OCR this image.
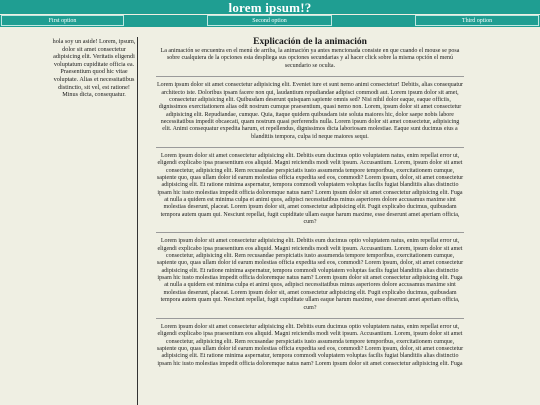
lorem ipsum!?
First option	Second option	Third option
hola soy un aside! Lorem, ipsum, dolor sit amet consectetur adipisicing elit. Veritatis eligendi voluptatum cupiditate officia ea. Praesentium quod hic vitae voluptate. Alias et necessitatibus distinctio, sit vel, est ratione! Minus dicta, consequatur.
Explicación de la animación
La animación se encuentra en el menú de arriba, la animación ya antes mencionada consiste en que cuando el mouse se posa sobre cualquiera de la opciones esta despliega sus opciones secundarias y al hacer click sobre la misma opción el menú secundario se oculta.

Lorem ipsum dolor sit amet consectetur adipisicing elit. Eveniet iure et sunt nemo animi consectetur! Debitis, alias consequatur architecto iste. Doloribus ipsam facere non qui, laudantium repudiandae adipisci commodi aut. Lorem ipsum dolor sit amet, consectetur adipisicing elit. Quibusdam deserunt quisquam sapiente omnis sed? Nisi nihil dolor eaque, eaque officiis, dignissimos exercitationem alias odit nostrum cumque praesentium, quasi nemo non. Lorem, ipsum dolor sit amet consectetur adipisicing elit. Repudiandae, cumque. Quia, itaque quidem quibusdam iste soluta maiores hic, dolor saepe nobis labore necessitatibus impedit obcaecati, quam nostrum quasi perferendis nulla. Lorem ipsum dolor sit amet consectetur, adipisicing elit. Animi consequatur expedita harum, et repellendus, dignissimos dicta laboriosam molestiae. Eaque sunt ducimus eius a blanditiis tempora, culpa id neque maiores sequi.

Lorem ipsum dolor sit amet consectetur adipisicing elit. Debitis eum ducimus optio voluptatem natus, enim repellat error ut, eligendi explicabo ipsa praesentium eos aliquid. Magni reiciendis modi velit ipsum. Accusantium. Lorem, ipsum dolor sit amet consectetur, adipisicing elit. Rem recusandae perspiciatis iusto assumenda tempore temporibus, exercitationem cumque, sapiente quo, quas ullam dolor id earum molestias officia expedita sed eos, commodi? Lorem ipsum, dolor, sit amet consectetur adipisicing elit. Et ratione minima aspernatur, tempora commodi voluptatem voluptas facilis fugiat blanditiis alias distinctio ipsam hic iusto molestias impedit officia doloremque natus nam? Lorem ipsum dolor sit amet consectetur adipisicing elit. Fuga at nulla a quidem est minima culpa et animi quos, adipisci necessitatibus minus asperiores dolore accusamus maxime sint molestias deserunt, placeat. Lorem ipsum dolor sit, amet consectetur adipisicing elit. Fugit explicabo ducimus, quibusdam tempora autem quam qui. Nesciunt repellat, fugit cupiditate ullam eaque harum maxime, esse deserunt amet aperiam officia, cum?

Lorem ipsum dolor sit amet consectetur adipisicing elit. Debitis eum ducimus optio voluptatem natus, enim repellat error ut, eligendi explicabo ipsa praesentium eos aliquid. Magni reiciendis modi velit ipsum. Accusantium. Lorem, ipsum dolor sit amet consectetur, adipisicing elit. Rem recusandae perspiciatis iusto assumenda tempore temporibus, exercitationem cumque, sapiente quo, quas ullam dolor id earum molestias officia expedita sed eos, commodi? Lorem ipsum, dolor, sit amet consectetur adipisicing elit. Et ratione minima aspernatur, tempora commodi voluptatem voluptas facilis fugiat blanditiis alias distinctio ipsam hic iusto molestias impedit officia doloremque natus nam? Lorem ipsum dolor sit amet consectetur adipisicing elit. Fuga at nulla a quidem est minima culpa et animi quos, adipisci necessitatibus minus asperiores dolore accusamus maxime sint molestias deserunt, placeat. Lorem ipsum dolor sit, amet consectetur adipisicing elit. Fugit explicabo ducimus, quibusdam tempora autem quam qui. Nesciunt repellat, fugit cupiditate ullam eaque harum maxime, esse deserunt amet aperiam officia, cum?

Lorem ipsum dolor sit amet consectetur adipisicing elit. Debitis eum ducimus optio voluptatem natus, enim repellat error ut, eligendi explicabo ipsa praesentium eos aliquid. Magni reiciendis modi velit ipsum. Accusantium. Lorem, ipsum dolor sit amet consectetur, adipisicing elit. Rem recusandae perspiciatis iusto assumenda tempore temporibus, exercitationem cumque, sapiente quo, quas ullam dolor id earum molestias officia expedita sed eos, commodi? Lorem ipsum, dolor, sit amet consectetur adipisicing elit. Et ratione minima aspernatur, tempora commodi voluptatem voluptas facilis fugiat blanditiis alias distinctio ipsam hic iusto molestias impedit officia doloremque natus nam? Lorem ipsum dolor sit amet consectetur adipisicing elit. Fuga
